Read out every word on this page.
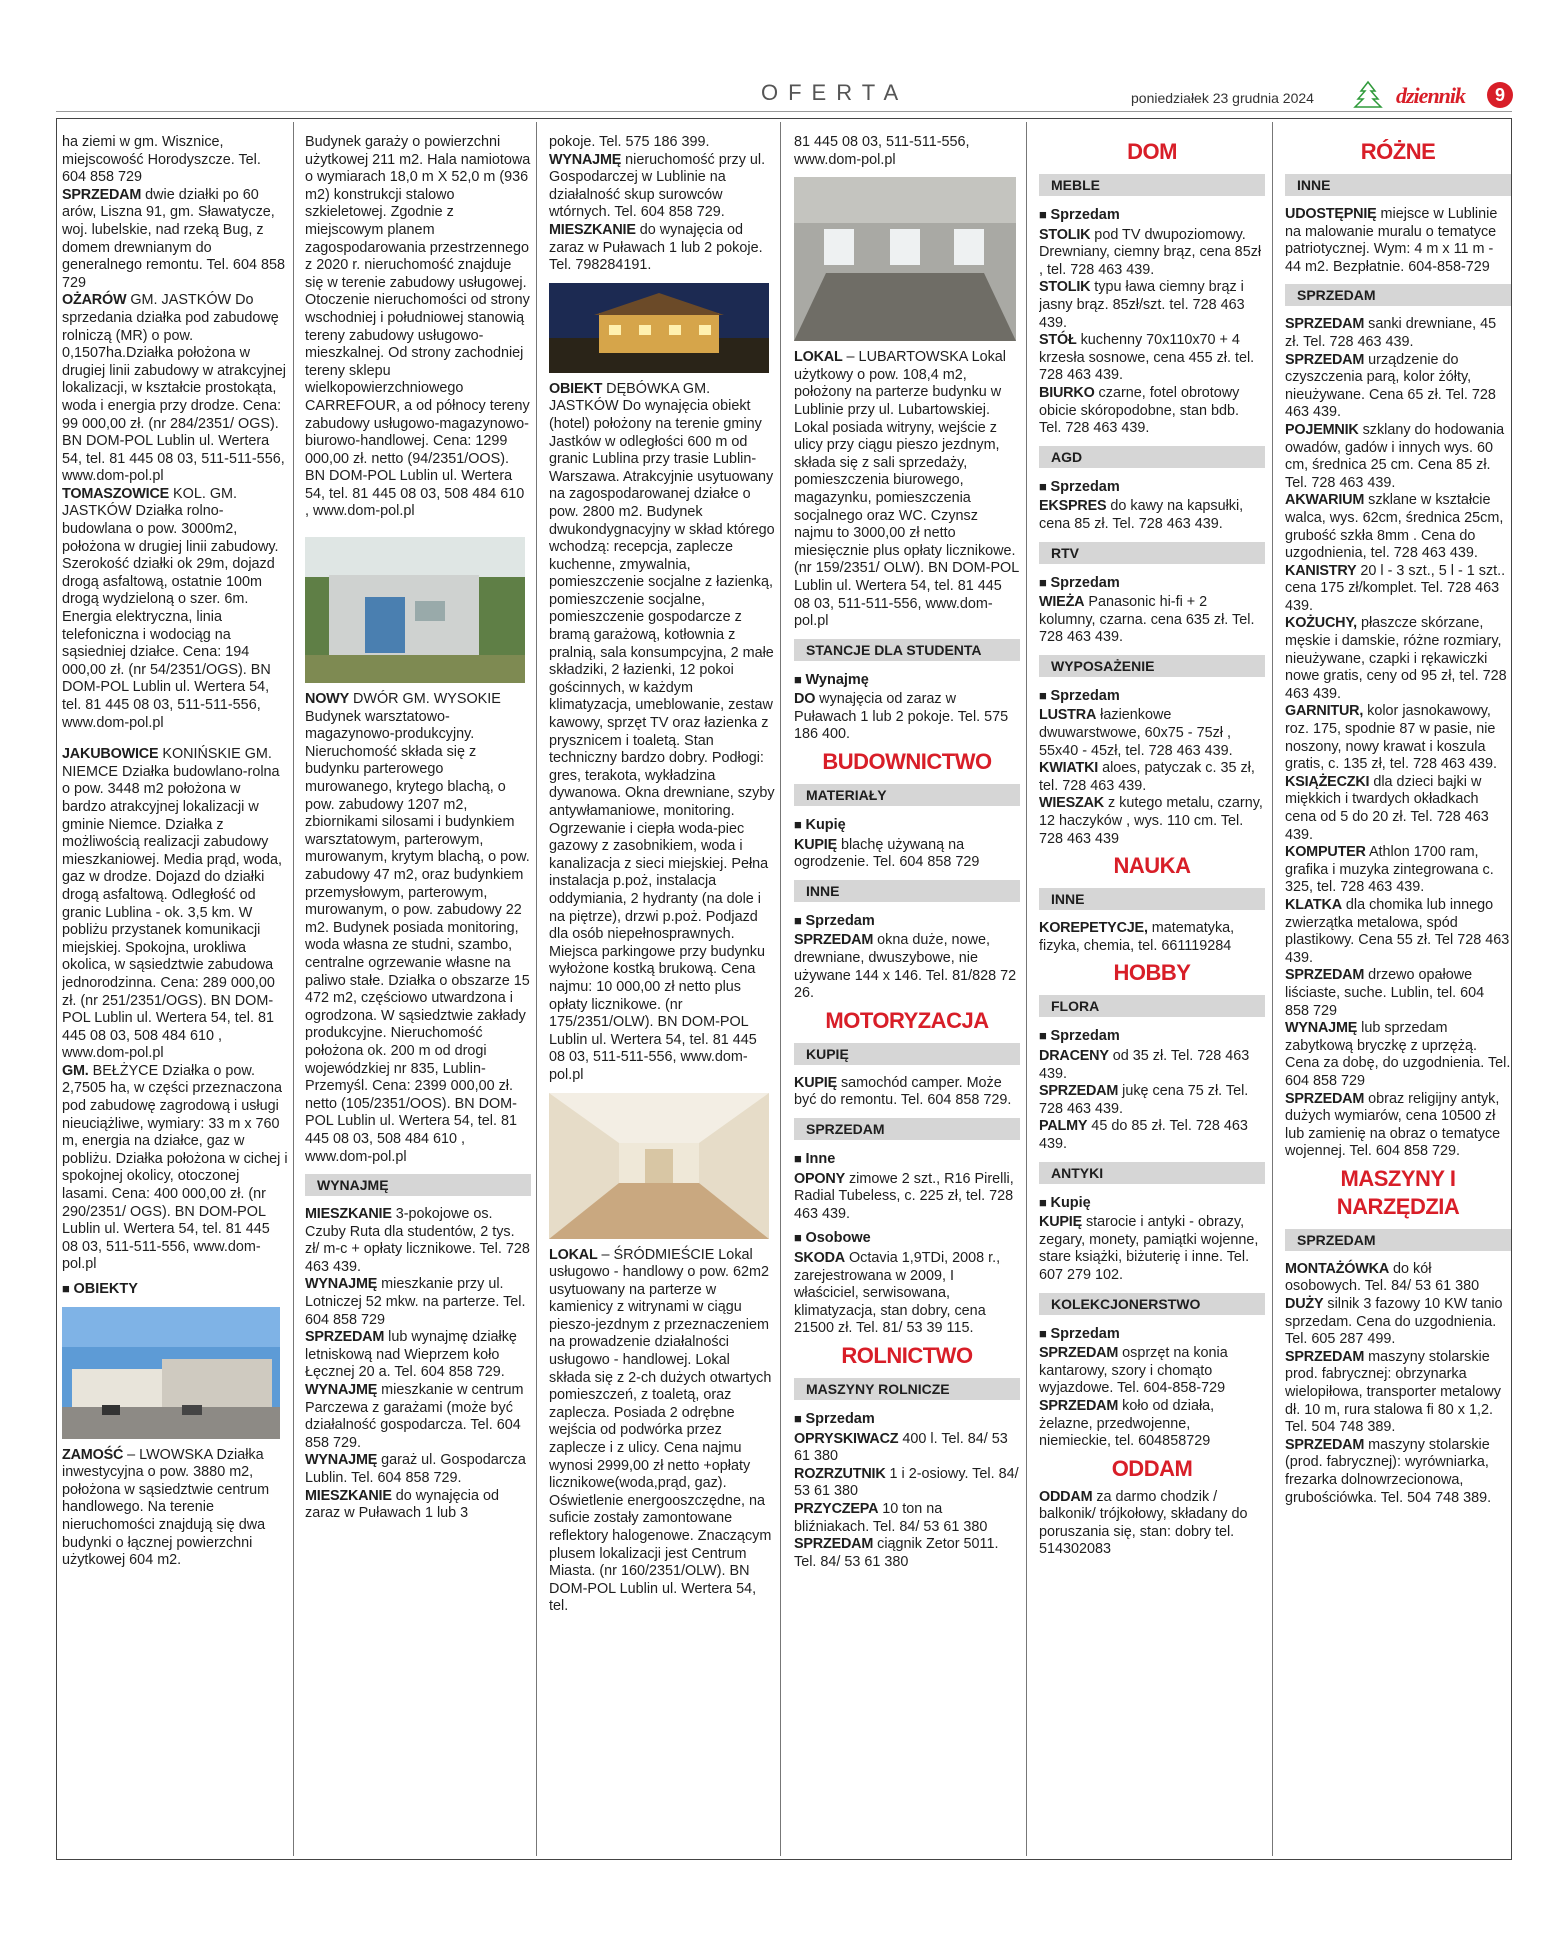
OFERTA	poniedziałek 23 grudnia 2024	dziennik	9

ha ziemi w gm. Wisznice, miejscowość Horodyszcze. Tel. 604 858 729

SPRZEDAM dwie działki po 60 arów, Liszna 91, gm. Sławatycze, woj. lubelskie, nad rzeką Bug, z domem drewnianym do generalnego remontu. Tel. 604 858 729

OŻARÓW GM. JASTKÓW Do sprzedania działka pod zabudowę rolniczą (MR) o pow. 0,1507ha.Działka położona w drugiej linii zabudowy w atrakcyjnej lokalizacji, w kształcie prostokąta, woda i energia przy drodze. Cena: 99 000,00 zł. (nr 284/2351/ OGS). BN DOM-POL Lublin ul. Wertera 54, tel. 81 445 08 03, 511-511-556, www.dom-pol.pl

TOMASZOWICE KOL. GM. JASTKÓW Działka rolno-budowlana o pow. 3000m2, położona w drugiej linii zabudowy. Szerokość działki ok 29m, dojazd drogą asfaltową, ostatnie 100m drogą wydzieloną o szer. 6m. Energia elektryczna, linia telefoniczna i wodociąg na sąsiedniej działce. Cena: 194 000,00 zł. (nr 54/2351/OGS). BN DOM-POL Lublin ul. Wertera 54, tel. 81 445 08 03, 511-511-556, www.dom-pol.pl

JAKUBOWICE KONIŃSKIE GM. NIEMCE Działka budowlano-rolna o pow. 3448 m2 położona w bardzo atrakcyjnej lokalizacji w gminie Niemce. Działka z możliwością realizacji zabudowy mieszkaniowej. Media prąd, woda, gaz w drodze. Dojazd do działki drogą asfaltową. Odległość od granic Lublina - ok. 3,5 km. W pobliżu przystanek komunikacji miejskiej. Spokojna, urokliwa okolica, w sąsiedztwie zabudowa jednorodzinna. Cena: 289 000,00 zł. (nr 251/2351/OGS). BN DOM-POL Lublin ul. Wertera 54, tel. 81 445 08 03, 508 484 610 , www.dom-pol.pl

GM. BEŁŻYCE Działka o pow. 2,7505 ha, w części przeznaczona pod zabudowę zagrodową i usługi nieuciążliwe, wymiary: 33 m x 760 m, energia na działce, gaz w pobliżu. Działka położona w cichej i spokojnej okolicy, otoczonej lasami. Cena: 400 000,00 zł. (nr 290/2351/ OGS). BN DOM-POL Lublin ul. Wertera 54, tel. 81 445 08 03, 511-511-556, www.dom-pol.pl

■ OBIEKTY

ZAMOŚĆ – LWOWSKA Działka inwestycyjna o pow. 3880 m2, położona w sąsiedztwie centrum handlowego. Na terenie nieruchomości znajdują się dwa budynki o łącznej powierzchni użytkowej 604 m2.

Budynek garaży o powierzchni użytkowej 211 m2. Hala namiotowa o wymiarach 18,0 m X 52,0 m (936 m2) konstrukcji stalowo szkieletowej. Zgodnie z miejscowym planem zagospodarowania przestrzennego z 2020 r. nieruchomość znajduje się w terenie zabudowy usługowej. Otoczenie nieruchomości od strony wschodniej i południowej stanowią tereny zabudowy usługowo-mieszkalnej. Od strony zachodniej tereny sklepu wielkopowierzchniowego CARREFOUR, a od północy tereny zabudowy usługowo-magazynowo-biurowo-handlowej. Cena: 1299 000,00 zł. netto (94/2351/OOS). BN DOM-POL Lublin ul. Wertera 54, tel. 81 445 08 03, 508 484 610 , www.dom-pol.pl

NOWY DWÓR GM. WYSOKIE Budynek warsztatowo-magazynowo-produkcyjny. Nieruchomość składa się z budynku parterowego murowanego, krytego blachą, o pow. zabudowy 1207 m2, zbiornikami silosami i budynkiem warsztatowym, parterowym, murowanym, krytym blachą, o pow. zabudowy 47 m2, oraz budynkiem przemysłowym, parterowym, murowanym, o pow. zabudowy 22 m2. Budynek posiada monitoring, woda własna ze studni, szambo, centralne ogrzewanie własne na paliwo stałe. Działka o obszarze 15 472 m2, częściowo utwardzona i ogrodzona. W sąsiedztwie zakłady produkcyjne. Nieruchomość położona ok. 200 m od drogi wojewódzkiej nr 835, Lublin-Przemyśl. Cena: 2399 000,00 zł. netto (105/2351/OOS). BN DOM-POL Lublin ul. Wertera 54, tel. 81 445 08 03, 508 484 610 , www.dom-pol.pl

WYNAJMĘ

MIESZKANIE 3-pokojowe os. Czuby Ruta dla studentów, 2 tys. zł/ m-c + opłaty licznikowe. Tel. 728 463 439.

WYNAJMĘ mieszkanie przy ul. Lotniczej 52 mkw. na parterze. Tel. 604 858 729

SPRZEDAM lub wynajmę działkę letniskową nad Wieprzem koło Łęcznej 20 a. Tel. 604 858 729.

WYNAJMĘ mieszkanie w centrum Parczewa z garażami (może być działalność gospodarcza. Tel. 604 858 729.

WYNAJMĘ garaż ul. Gospodarcza Lublin. Tel. 604 858 729.

MIESZKANIE do wynajęcia od zaraz w Puławach 1 lub 3

pokoje. Tel. 575 186 399.

WYNAJMĘ nieruchomość przy ul. Gospodarczej w Lublinie na działalność skup surowców wtórnych. Tel. 604 858 729.

MIESZKANIE do wynajęcia od zaraz w Puławach 1 lub 2 pokoje. Tel. 798284191.

OBIEKT DĘBÓWKA GM. JASTKÓW Do wynajęcia obiekt (hotel) położony na terenie gminy Jastków w odległości 600 m od granic Lublina przy trasie Lublin- Warszawa. Atrakcyjnie usytuowany na zagospodarowanej działce o pow. 2800 m2. Budynek dwukondygnacyjny w skład którego wchodzą: recepcja, zaplecze kuchenne, zmywalnia, pomieszczenie socjalne z łazienką, pomieszczenie socjalne, pomieszczenie gospodarcze z bramą garażową, kotłownia z pralnią, sala konsumpcyjna, 2 małe składziki, 2 łazienki, 12 pokoi gościnnych, w każdym klimatyzacja, umeblowanie, zestaw kawowy, sprzęt TV oraz łazienka z prysznicem i toaletą. Stan techniczny bardzo dobry. Podłogi: gres, terakota, wykładzina dywanowa. Okna drewniane, szyby antywłamaniowe, monitoring. Ogrzewanie i ciepła woda-piec gazowy z zasobnikiem, woda i kanalizacja z sieci miejskiej. Pełna instalacja p.poż, instalacja oddymiania, 2 hydranty (na dole i na piętrze), drzwi p.poż. Podjazd dla osób niepełnosprawnych. Miejsca parkingowe przy budynku wyłożone kostką brukową. Cena najmu: 10 000,00 zł netto plus opłaty licznikowe. (nr 175/2351/OLW). BN DOM-POL Lublin ul. Wertera 54, tel. 81 445 08 03, 511-511-556, www.dom-pol.pl

LOKAL – ŚRÓDMIEŚCIE Lokal usługowo - handlowy o pow. 62m2 usytuowany na parterze w kamienicy z witrynami w ciągu pieszo-jezdnym z przeznaczeniem na prowadzenie działalności usługowo - handlowej. Lokal składa się z 2-ch dużych otwartych pomieszczeń, z toaletą, oraz zaplecza. Posiada 2 odrębne wejścia od podwórka przez zaplecze i z ulicy. Cena najmu wynosi 2999,00 zł netto +opłaty licznikowe(woda,prąd, gaz). Oświetlenie energooszczędne, na suficie zostały zamontowane reflektory halogenowe. Znaczącym plusem lokalizacji jest Centrum Miasta. (nr 160/2351/OLW). BN DOM-POL Lublin ul. Wertera 54, tel.

81 445 08 03, 511-511-556, www.dom-pol.pl

LOKAL – LUBARTOWSKA Lokal użytkowy o pow. 108,4 m2, położony na parterze budynku w Lublinie przy ul. Lubartowskiej. Lokal posiada witryny, wejście z ulicy przy ciągu pieszo jezdnym, składa się z sali sprzedaży, pomieszczenia biurowego, magazynku, pomieszczenia socjalnego oraz WC. Czynsz najmu to 3000,00 zł netto miesięcznie plus opłaty licznikowe. (nr 159/2351/ OLW). BN DOM-POL Lublin ul. Wertera 54, tel. 81 445 08 03, 511-511-556, www.dom-pol.pl

STANCJE DLA STUDENTA
■ Wynajmę

DO wynajęcia od zaraz w Puławach 1 lub 2 pokoje. Tel. 575 186 400.

BUDOWNICTWO
MATERIAŁY
■ Kupię

KUPIĘ blachę używaną na ogrodzenie. Tel. 604 858 729

INNE
■ Sprzedam

SPRZEDAM okna duże, nowe, drewniane, dwuszybowe, nie używane 144 x 146. Tel. 81/828 72 26.

MOTORYZACJA
KUPIĘ

KUPIĘ samochód camper. Może być do remontu. Tel. 604 858 729.

SPRZEDAM
■ Inne

OPONY zimowe 2 szt., R16 Pirelli, Radial Tubeless, c. 225 zł, tel. 728 463 439.

■ Osobowe

SKODA Octavia 1,9TDi, 2008 r., zarejestrowana w 2009, I właściciel, serwisowana, klimatyzacja, stan dobry, cena 21500 zł. Tel. 81/ 53 39 115.

ROLNICTWO
MASZYNY ROLNICZE
■ Sprzedam

OPRYSKIWACZ 400 l. Tel. 84/ 53 61 380

ROZRZUTNIK 1 i 2-osiowy. Tel. 84/ 53 61 380

PRZYCZEPA 10 ton na bliźniakach. Tel. 84/ 53 61 380

SPRZEDAM ciągnik Zetor 5011. Tel. 84/ 53 61 380

DOM
MEBLE
■ Sprzedam

STOLIK pod TV dwupoziomowy. Drewniany, ciemny brąz, cena 85zł , tel. 728 463 439.

STOLIK typu ława ciemny brąz i jasny brąz. 85zł/szt. tel. 728 463 439.

STÓŁ kuchenny 70x110x70 + 4 krzesła sosnowe, cena 455 zł. tel. 728 463 439.

BIURKO czarne, fotel obrotowy obicie skóropodobne, stan bdb. Tel. 728 463 439.

AGD
■ Sprzedam

EKSPRES do kawy na kapsułki, cena 85 zł. Tel. 728 463 439.

RTV
■ Sprzedam

WIEŻA Panasonic hi-fi + 2 kolumny, czarna. cena 635 zł. Tel. 728 463 439.

WYPOSAŻENIE
■ Sprzedam

LUSTRA łazienkowe dwuwarstwowe, 60x75 - 75zł , 55x40 - 45zł, tel. 728 463 439.

KWIATKI aloes, patyczak c. 35 zł, tel. 728 463 439.

WIESZAK z kutego metalu, czarny, 12 haczyków , wys. 110 cm. Tel. 728 463 439

NAUKA
INNE

KOREPETYCJE, matematyka, fizyka, chemia, tel. 661119284

HOBBY
FLORA
■ Sprzedam

DRACENY od 35 zł. Tel. 728 463 439.

SPRZEDAM jukę cena 75 zł. Tel. 728 463 439.

PALMY 45 do 85 zł. Tel. 728 463 439.

ANTYKI
■ Kupię

KUPIĘ starocie i antyki - obrazy, zegary, monety, pamiątki wojenne, stare książki, biżuterię i inne. Tel. 607 279 102.

KOLEKCJONERSTWO
■ Sprzedam

SPRZEDAM osprzęt na konia kantarowy, szory i chomąto wyjazdowe. Tel. 604-858-729

SPRZEDAM koło od działa, żelazne, przedwojenne, niemieckie, tel. 604858729

ODDAM

ODDAM za darmo chodzik / balkonik/ trójkołowy, składany do poruszania się, stan: dobry tel. 514302083

RÓŻNE
INNE

UDOSTĘPNIĘ miejsce w Lublinie na malowanie muralu o tematyce patriotycznej. Wym: 4 m x 11 m - 44 m2. Bezpłatnie. 604-858-729

SPRZEDAM

SPRZEDAM sanki drewniane, 45 zł. Tel. 728 463 439.

SPRZEDAM urządzenie do czyszczenia parą, kolor żółty, nieużywane. Cena 65 zł. Tel. 728 463 439.

POJEMNIK szklany do hodowania owadów, gadów i innych wys. 60 cm, średnica 25 cm. Cena 85 zł. Tel. 728 463 439.

AKWARIUM szklane w kształcie walca, wys. 62cm, średnica 25cm, grubość szkła 8mm . Cena do uzgodnienia, tel. 728 463 439.

KANISTRY 20 l - 3 szt., 5 l - 1 szt.. cena 175 zł/komplet. Tel. 728 463 439.

KOŻUCHY, płaszcze skórzane, męskie i damskie, różne rozmiary, nieużywane, czapki i rękawiczki nowe gratis, ceny od 95 zł, tel. 728 463 439.

GARNITUR, kolor jasnokawowy, roz. 175, spodnie 87 w pasie, nie noszony, nowy krawat i koszula gratis, c. 135 zł, tel. 728 463 439.

KSIĄŻECZKI dla dzieci bajki w miękkich i twardych okładkach cena od 5 do 20 zł. Tel. 728 463 439.

KOMPUTER Athlon 1700 ram, grafika i muzyka zintegrowana c. 325, tel. 728 463 439.

KLATKA dla chomika lub innego zwierzątka metalowa, spód plastikowy. Cena 55 zł. Tel 728 463 439.

SPRZEDAM drzewo opałowe liściaste, suche. Lublin, tel. 604 858 729

WYNAJMĘ lub sprzedam zabytkową bryczkę z uprzężą. Cena za dobę, do uzgodnienia. Tel. 604 858 729

SPRZEDAM obraz religijny antyk, dużych wymiarów, cena 10500 zł lub zamienię na obraz o tematyce wojennej. Tel. 604 858 729.

MASZYNY I NARZĘDZIA
SPRZEDAM

MONTAŻÓWKA do kół osobowych. Tel. 84/ 53 61 380

DUŻY silnik 3 fazowy 10 KW tanio sprzedam. Cena do uzgodnienia. Tel. 605 287 499.

SPRZEDAM maszyny stolarskie prod. fabrycznej: obrzynarka wielopiłowa, transporter metalowy dł. 10 m, rura stalowa fi 80 x 1,2. Tel. 504 748 389.

SPRZEDAM maszyny stolarskie (prod. fabrycznej): wyrówniarka, frezarka dolnowrzecionowa, grubościówka. Tel. 504 748 389.
